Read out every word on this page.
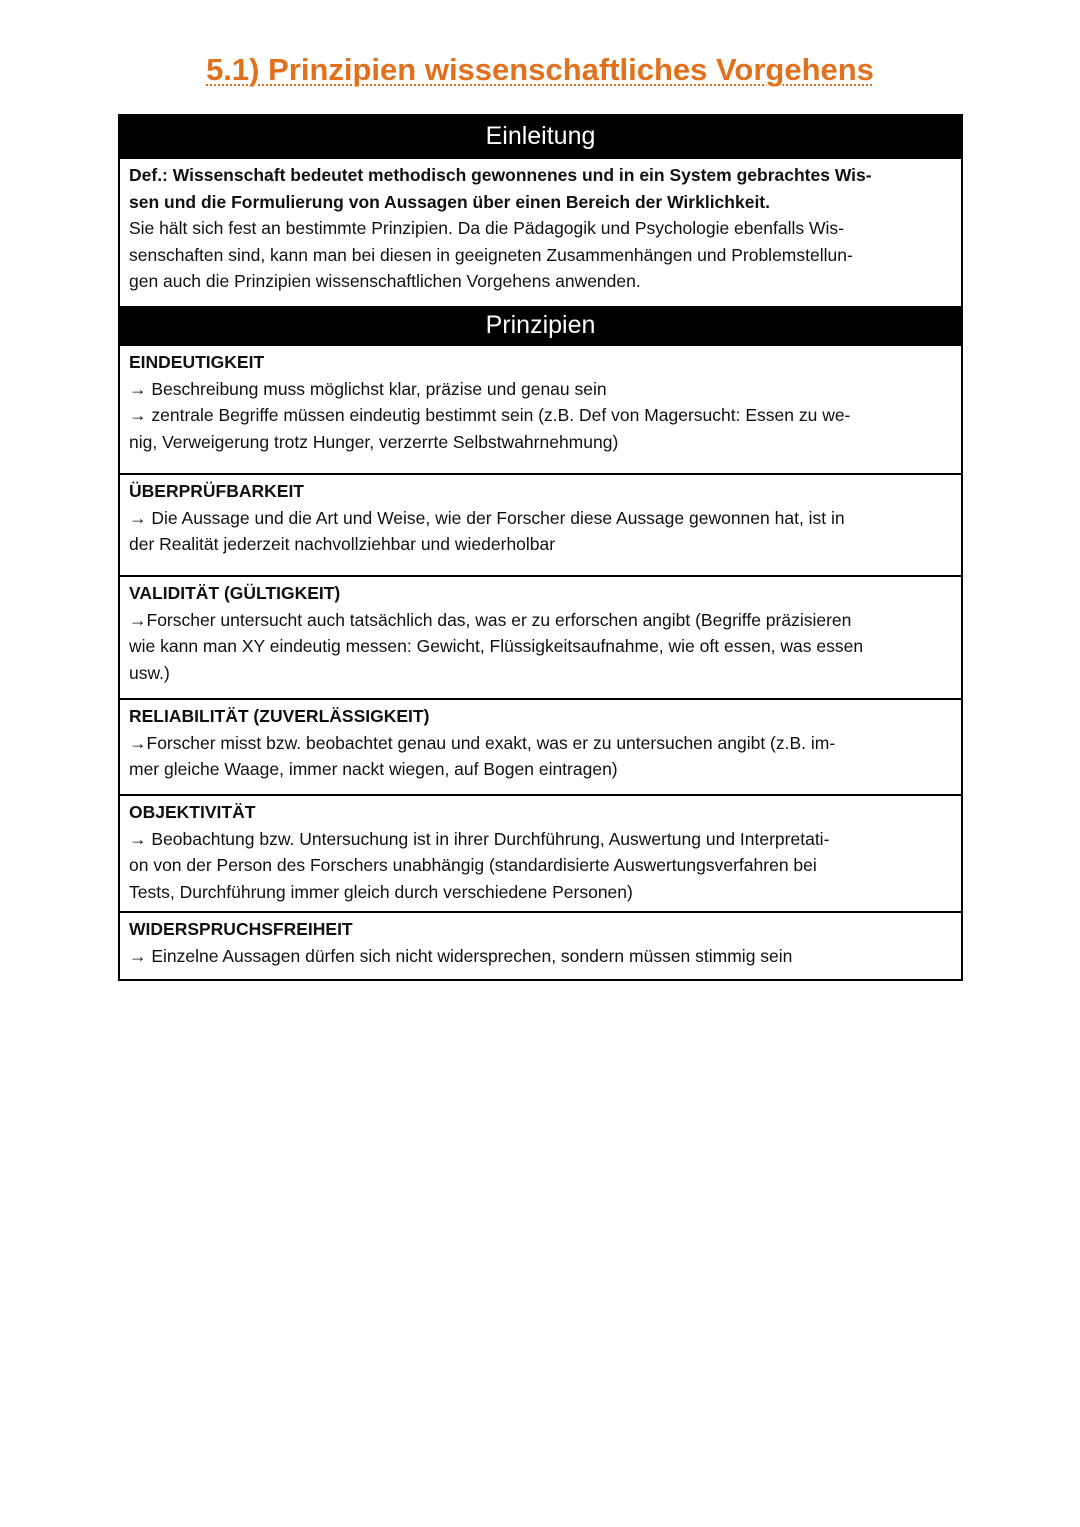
5.1) Prinzipien wissenschaftliches Vorgehens
Einleitung
Def.: Wissenschaft bedeutet methodisch gewonnenes und in ein System gebrachtes Wis-
sen und die Formulierung von Aussagen über einen Bereich der Wirklichkeit.
Sie hält sich fest an bestimmte Prinzipien. Da die Pädagogik und Psychologie ebenfalls Wis-
senschaften sind, kann man bei diesen in geeigneten Zusammenhängen und Problemstellun-
gen auch die Prinzipien wissenschaftlichen Vorgehens anwenden.
Prinzipien
EINDEUTIGKEIT
→ Beschreibung muss möglichst klar, präzise und genau sein
→ zentrale Begriffe müssen eindeutig bestimmt sein (z.B. Def von Magersucht: Essen zu we-
nig, Verweigerung trotz Hunger, verzerrte Selbstwahrnehmung)
ÜBERPRÜFBARKEIT
→ Die Aussage und die Art und Weise, wie der Forscher diese Aussage gewonnen hat, ist in
der Realität jederzeit nachvollziehbar und wiederholbar
VALIDITÄT (GÜLTIGKEIT)
→Forscher untersucht auch tatsächlich das, was er zu erforschen angibt (Begriffe präzisieren
wie kann man XY eindeutig messen: Gewicht, Flüssigkeitsaufnahme, wie oft essen, was essen
usw.)
RELIABILITÄT (ZUVERLÄSSIGKEIT)
→Forscher misst bzw. beobachtet genau und exakt, was er zu untersuchen angibt (z.B. im-
mer gleiche Waage, immer nackt wiegen, auf Bogen eintragen)
OBJEKTIVITÄT
→ Beobachtung bzw. Untersuchung ist in ihrer Durchführung, Auswertung und Interpretati-
on von der Person des Forschers unabhängig (standardisierte Auswertungsverfahren bei
Tests, Durchführung immer gleich durch verschiedene Personen)
WIDERSPRUCHSFREIHEIT
→ Einzelne Aussagen dürfen sich nicht widersprechen, sondern müssen stimmig sein
